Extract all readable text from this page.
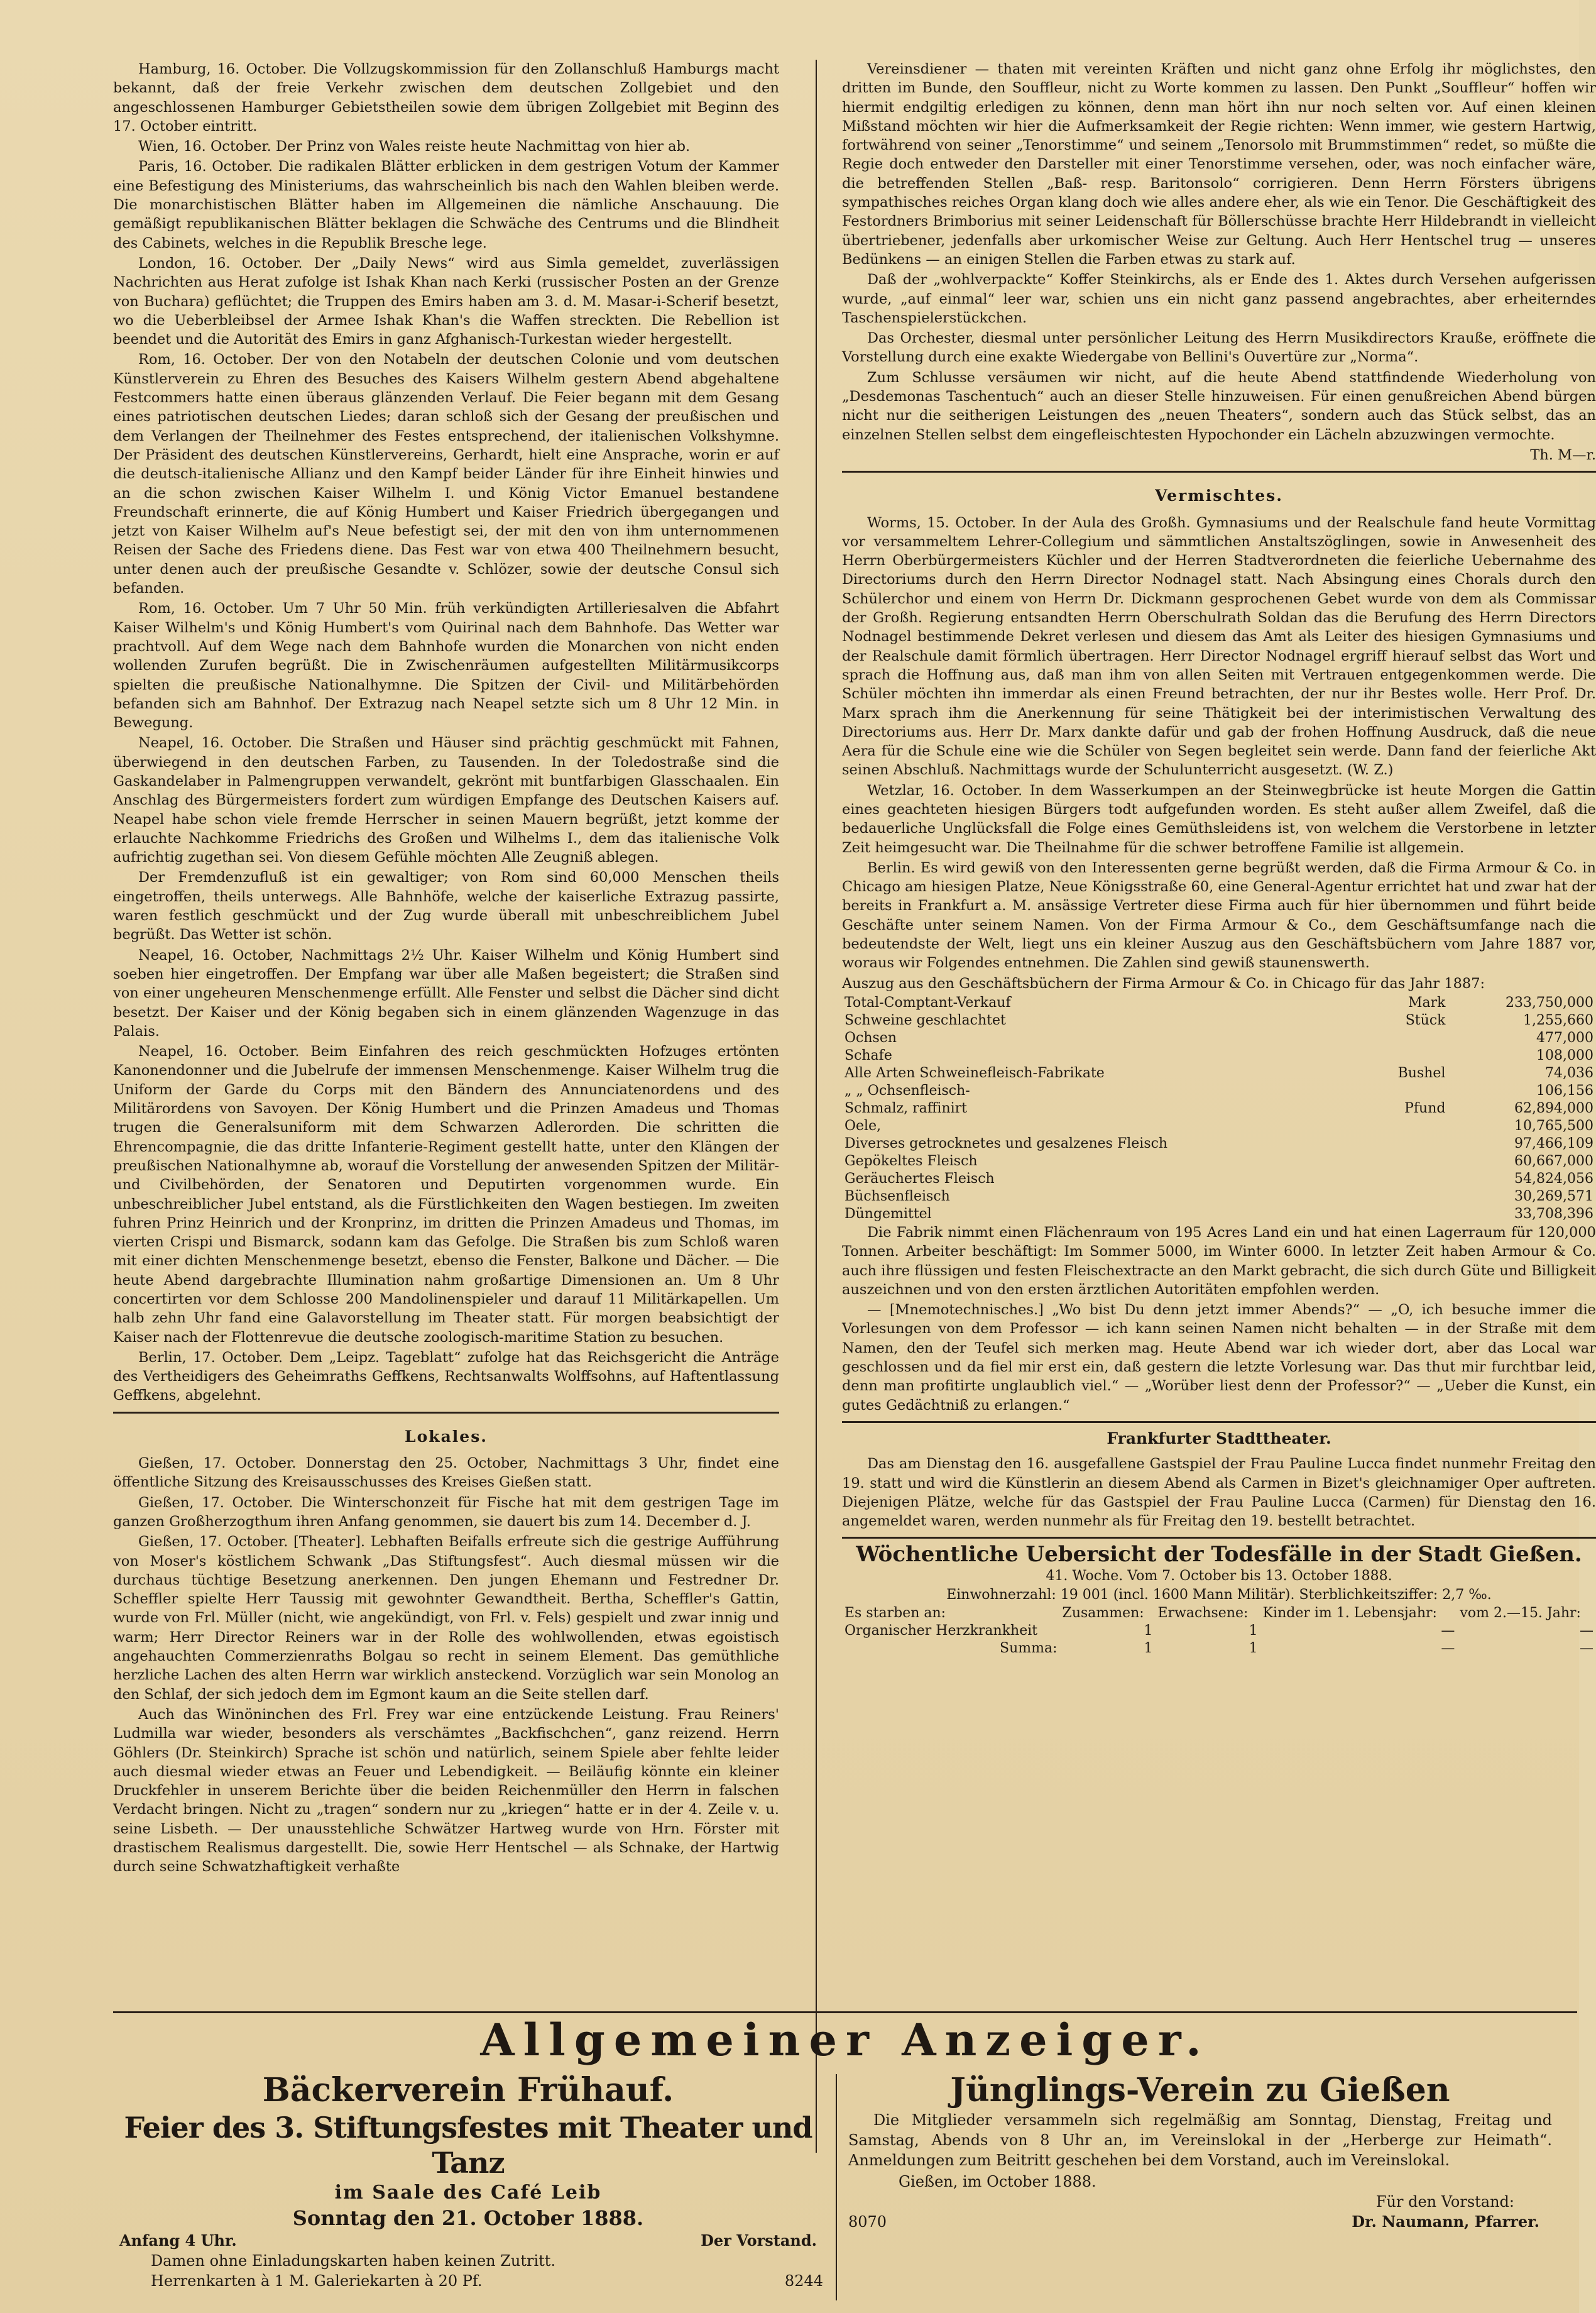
Hamburg, 16. October. Die Vollzugskommission für den Zollanschluß Hamburgs macht bekannt, daß der freie Verkehr zwischen dem deutschen Zollgebiet und den angeschlossenen Hamburger Gebietstheilen sowie dem übrigen Zollgebiet mit Beginn des 17. October eintritt.

Wien, 16. October. Der Prinz von Wales reiste heute Nachmittag von hier ab.

Paris, 16. October. Die radikalen Blätter erblicken in dem gestrigen Votum der Kammer eine Befestigung des Ministeriums, das wahrscheinlich bis nach den Wahlen bleiben werde. Die monarchistischen Blätter haben im Allgemeinen die nämliche Anschauung. Die gemäßigt republikanischen Blätter beklagen die Schwäche des Centrums und die Blindheit des Cabinets, welches in die Republik Bresche lege.

London, 16. October. Der „Daily News“ wird aus Simla gemeldet, zuverlässigen Nachrichten aus Herat zufolge ist Ishak Khan nach Kerki (russischer Posten an der Grenze von Buchara) geflüchtet; die Truppen des Emirs haben am 3. d. M. Masar-i-Scherif besetzt, wo die Ueberbleibsel der Armee Ishak Khan's die Waffen streckten. Die Rebellion ist beendet und die Autorität des Emirs in ganz Afghanisch-Turkestan wieder hergestellt.

Rom, 16. October. Der von den Notabeln der deutschen Colonie und vom deutschen Künstlerverein zu Ehren des Besuches des Kaisers Wilhelm gestern Abend abgehaltene Festcommers hatte einen überaus glänzenden Verlauf. Die Feier begann mit dem Gesang eines patriotischen deutschen Liedes; daran schloß sich der Gesang der preußischen und dem Verlangen der Theilnehmer des Festes entsprechend, der italienischen Volkshymne. Der Präsident des deutschen Künstlervereins, Gerhardt, hielt eine Ansprache, worin er auf die deutsch-italienische Allianz und den Kampf beider Länder für ihre Einheit hinwies und an die schon zwischen Kaiser Wilhelm I. und König Victor Emanuel bestandene Freundschaft erinnerte, die auf König Humbert und Kaiser Friedrich übergegangen und jetzt von Kaiser Wilhelm auf's Neue befestigt sei, der mit den von ihm unternommenen Reisen der Sache des Friedens diene. Das Fest war von etwa 400 Theilnehmern besucht, unter denen auch der preußische Gesandte v. Schlözer, sowie der deutsche Consul sich befanden.

Rom, 16. October. Um 7 Uhr 50 Min. früh verkündigten Artilleriesalven die Abfahrt Kaiser Wilhelm's und König Humbert's vom Quirinal nach dem Bahnhofe. Das Wetter war prachtvoll. Auf dem Wege nach dem Bahnhofe wurden die Monarchen von nicht enden wollenden Zurufen begrüßt. Die in Zwischenräumen aufgestellten Militärmusikcorps spielten die preußische Nationalhymne. Die Spitzen der Civil- und Militärbehörden befanden sich am Bahnhof. Der Extrazug nach Neapel setzte sich um 8 Uhr 12 Min. in Bewegung.

Neapel, 16. October. Die Straßen und Häuser sind prächtig geschmückt mit Fahnen, überwiegend in den deutschen Farben, zu Tausenden. In der Toledostraße sind die Gaskandelaber in Palmengruppen verwandelt, gekrönt mit buntfarbigen Glasschaalen. Ein Anschlag des Bürgermeisters fordert zum würdigen Empfange des Deutschen Kaisers auf. Neapel habe schon viele fremde Herrscher in seinen Mauern begrüßt, jetzt komme der erlauchte Nachkomme Friedrichs des Großen und Wilhelms I., dem das italienische Volk aufrichtig zugethan sei. Von diesem Gefühle möchten Alle Zeugniß ablegen.

Der Fremdenzufluß ist ein gewaltiger; von Rom sind 60,000 Menschen theils eingetroffen, theils unterwegs. Alle Bahnhöfe, welche der kaiserliche Extrazug passirte, waren festlich geschmückt und der Zug wurde überall mit unbeschreiblichem Jubel begrüßt. Das Wetter ist schön.

Neapel, 16. October, Nachmittags 2½ Uhr. Kaiser Wilhelm und König Humbert sind soeben hier eingetroffen. Der Empfang war über alle Maßen begeistert; die Straßen sind von einer ungeheuren Menschenmenge erfüllt. Alle Fenster und selbst die Dächer sind dicht besetzt. Der Kaiser und der König begaben sich in einem glänzenden Wagenzuge in das Palais.

Neapel, 16. October. Beim Einfahren des reich geschmückten Hofzuges ertönten Kanonendonner und die Jubelrufe der immensen Menschenmenge. Kaiser Wilhelm trug die Uniform der Garde du Corps mit den Bändern des Annunciatenordens und des Militärordens von Savoyen. Der König Humbert und die Prinzen Amadeus und Thomas trugen die Generalsuniform mit dem Schwarzen Adlerorden. Die schritten die Ehrencompagnie, die das dritte Infanterie-Regiment gestellt hatte, unter den Klängen der preußischen Nationalhymne ab, worauf die Vorstellung der anwesenden Spitzen der Militär- und Civilbehörden, der Senatoren und Deputirten vorgenommen wurde. Ein unbeschreiblicher Jubel entstand, als die Fürstlichkeiten den Wagen bestiegen. Im zweiten fuhren Prinz Heinrich und der Kronprinz, im dritten die Prinzen Amadeus und Thomas, im vierten Crispi und Bismarck, sodann kam das Gefolge. Die Straßen bis zum Schloß waren mit einer dichten Menschenmenge besetzt, ebenso die Fenster, Balkone und Dächer. — Die heute Abend dargebrachte Illumination nahm großartige Dimensionen an. Um 8 Uhr concertirten vor dem Schlosse 200 Mandolinenspieler und darauf 11 Militärkapellen. Um halb zehn Uhr fand eine Galavorstellung im Theater statt. Für morgen beabsichtigt der Kaiser nach der Flottenrevue die deutsche zoologisch-maritime Station zu besuchen.

Berlin, 17. October. Dem „Leipz. Tageblatt“ zufolge hat das Reichsgericht die Anträge des Vertheidigers des Geheimraths Geffkens, Rechtsanwalts Wolffsohns, auf Haftentlassung Geffkens, abgelehnt.

Lokales.

Gießen, 17. October. Donnerstag den 25. October, Nachmittags 3 Uhr, findet eine öffentliche Sitzung des Kreisausschusses des Kreises Gießen statt.

Gießen, 17. October. Die Winterschonzeit für Fische hat mit dem gestrigen Tage im ganzen Großherzogthum ihren Anfang genommen, sie dauert bis zum 14. December d. J.

Gießen, 17. October. [Theater]. Lebhaften Beifalls erfreute sich die gestrige Aufführung von Moser's köstlichem Schwank „Das Stiftungsfest“. Auch diesmal müssen wir die durchaus tüchtige Besetzung anerkennen. Den jungen Ehemann und Festredner Dr. Scheffler spielte Herr Taussig mit gewohnter Gewandtheit. Bertha, Scheffler's Gattin, wurde von Frl. Müller (nicht, wie angekündigt, von Frl. v. Fels) gespielt und zwar innig und warm; Herr Director Reiners war in der Rolle des wohlwollenden, etwas egoistisch angehauchten Commerzienraths Bolgau so recht in seinem Element. Das gemüthliche herzliche Lachen des alten Herrn war wirklich ansteckend. Vorzüglich war sein Monolog an den Schlaf, der sich jedoch dem im Egmont kaum an die Seite stellen darf.

Auch das Winöninchen des Frl. Frey war eine entzückende Leistung. Frau Reiners' Ludmilla war wieder, besonders als verschämtes „Backfischchen“, ganz reizend. Herrn Göhlers (Dr. Steinkirch) Sprache ist schön und natürlich, seinem Spiele aber fehlte leider auch diesmal wieder etwas an Feuer und Lebendigkeit. — Beiläufig könnte ein kleiner Druckfehler in unserem Berichte über die beiden Reichenmüller den Herrn in falschen Verdacht bringen. Nicht zu „tragen“ sondern nur zu „kriegen“ hatte er in der 4. Zeile v. u. seine Lisbeth. — Der unausstehliche Schwätzer Hartweg wurde von Hrn. Förster mit drastischem Realismus dargestellt. Die, sowie Herr Hentschel — als Schnake, der Hartwig durch seine Schwatzhaftigkeit verhaßte

Vereinsdiener — thaten mit vereinten Kräften und nicht ganz ohne Erfolg ihr möglichstes, den dritten im Bunde, den Souffleur, nicht zu Worte kommen zu lassen. Den Punkt „Souffleur“ hoffen wir hiermit endgiltig erledigen zu können, denn man hört ihn nur noch selten vor. Auf einen kleinen Mißstand möchten wir hier die Aufmerksamkeit der Regie richten: Wenn immer, wie gestern Hartwig, fortwährend von seiner „Tenorstimme“ und seinem „Tenorsolo mit Brummstimmen“ redet, so müßte die Regie doch entweder den Darsteller mit einer Tenorstimme versehen, oder, was noch einfacher wäre, die betreffenden Stellen „Baß- resp. Baritonsolo“ corrigieren. Denn Herrn Försters übrigens sympathisches reiches Organ klang doch wie alles andere eher, als wie ein Tenor. Die Geschäftigkeit des Festordners Brimborius mit seiner Leidenschaft für Böllerschüsse brachte Herr Hildebrandt in vielleicht übertriebener, jedenfalls aber urkomischer Weise zur Geltung. Auch Herr Hentschel trug — unseres Bedünkens — an einigen Stellen die Farben etwas zu stark auf.

Daß der „wohlverpackte“ Koffer Steinkirchs, als er Ende des 1. Aktes durch Versehen aufgerissen wurde, „auf einmal“ leer war, schien uns ein nicht ganz passend angebrachtes, aber erheiterndes Taschenspielerstückchen.

Das Orchester, diesmal unter persönlicher Leitung des Herrn Musikdirectors Krauße, eröffnete die Vorstellung durch eine exakte Wiedergabe von Bellini's Ouvertüre zur „Norma“.

Zum Schlusse versäumen wir nicht, auf die heute Abend stattfindende Wiederholung von „Desdemonas Taschentuch“ auch an dieser Stelle hinzuweisen. Für einen genußreichen Abend bürgen nicht nur die seitherigen Leistungen des „neuen Theaters“, sondern auch das Stück selbst, das an einzelnen Stellen selbst dem eingefleischtesten Hypochonder ein Lächeln abzuzwingen vermochte.

Th. M—r.
Vermischtes.

Worms, 15. October. In der Aula des Großh. Gymnasiums und der Realschule fand heute Vormittag vor versammeltem Lehrer-Collegium und sämmtlichen Anstaltszöglingen, sowie in Anwesenheit des Herrn Oberbürgermeisters Küchler und der Herren Stadtverordneten die feierliche Uebernahme des Directoriums durch den Herrn Director Nodnagel statt. Nach Absingung eines Chorals durch den Schülerchor und einem von Herrn Dr. Dickmann gesprochenen Gebet wurde von dem als Commissar der Großh. Regierung entsandten Herrn Oberschulrath Soldan das die Berufung des Herrn Directors Nodnagel bestimmende Dekret verlesen und diesem das Amt als Leiter des hiesigen Gymnasiums und der Realschule damit förmlich übertragen. Herr Director Nodnagel ergriff hierauf selbst das Wort und sprach die Hoffnung aus, daß man ihm von allen Seiten mit Vertrauen entgegenkommen werde. Die Schüler möchten ihn immerdar als einen Freund betrachten, der nur ihr Bestes wolle. Herr Prof. Dr. Marx sprach ihm die Anerkennung für seine Thätigkeit bei der interimistischen Verwaltung des Directoriums aus. Herr Dr. Marx dankte dafür und gab der frohen Hoffnung Ausdruck, daß die neue Aera für die Schule eine wie die Schüler von Segen begleitet sein werde. Dann fand der feierliche Akt seinen Abschluß. Nachmittags wurde der Schulunterricht ausgesetzt. (W. Z.)

Wetzlar, 16. October. In dem Wasserkumpen an der Steinwegbrücke ist heute Morgen die Gattin eines geachteten hiesigen Bürgers todt aufgefunden worden. Es steht außer allem Zweifel, daß die bedauerliche Unglücksfall die Folge eines Gemüthsleidens ist, von welchem die Verstorbene in letzter Zeit heimgesucht war. Die Theilnahme für die schwer betroffene Familie ist allgemein.

Berlin. Es wird gewiß von den Interessenten gerne begrüßt werden, daß die Firma Armour & Co. in Chicago am hiesigen Platze, Neue Königsstraße 60, eine General-Agentur errichtet hat und zwar hat der bereits in Frankfurt a. M. ansässige Vertreter diese Firma auch für hier übernommen und führt beide Geschäfte unter seinem Namen. Von der Firma Armour & Co., dem Geschäftsumfange nach die bedeutendste der Welt, liegt uns ein kleiner Auszug aus den Geschäftsbüchern vom Jahre 1887 vor, woraus wir Folgendes entnehmen. Die Zahlen sind gewiß staunenswerth.

Auszug aus den Geschäftsbüchern der Firma Armour & Co. in Chicago für das Jahr 1887:

Total-Comptant-Verkauf	Mark	233,750,000
Schweine geschlachtet	Stück	1,255,660
Ochsen		477,000
Schafe		108,000
Alle Arten Schweinefleisch-Fabrikate	Bushel	74,036
„ „ Ochsenfleisch-		106,156
Schmalz, raffinirt	Pfund	62,894,000
Oele,		10,765,500
Diverses getrocknetes und gesalzenes Fleisch		97,466,109
Gepökeltes Fleisch		60,667,000
Geräuchertes Fleisch		54,824,056
Büchsenfleisch		30,269,571
Düngemittel		33,708,396

Die Fabrik nimmt einen Flächenraum von 195 Acres Land ein und hat einen Lagerraum für 120,000 Tonnen. Arbeiter beschäftigt: Im Sommer 5000, im Winter 6000. In letzter Zeit haben Armour & Co. auch ihre flüssigen und festen Fleischextracte an den Markt gebracht, die sich durch Güte und Billigkeit auszeichnen und von den ersten ärztlichen Autoritäten empfohlen werden.

— [Mnemotechnisches.] „Wo bist Du denn jetzt immer Abends?“ — „O, ich besuche immer die Vorlesungen von dem Professor — ich kann seinen Namen nicht behalten — in der Straße mit dem Namen, den der Teufel sich merken mag. Heute Abend war ich wieder dort, aber das Local war geschlossen und da fiel mir erst ein, daß gestern die letzte Vorlesung war. Das thut mir furchtbar leid, denn man profitirte unglaublich viel.“ — „Worüber liest denn der Professor?“ — „Ueber die Kunst, ein gutes Gedächtniß zu erlangen.“

Frankfurter Stadttheater.

Das am Dienstag den 16. ausgefallene Gastspiel der Frau Pauline Lucca findet nunmehr Freitag den 19. statt und wird die Künstlerin an diesem Abend als Carmen in Bizet's gleichnamiger Oper auftreten. Diejenigen Plätze, welche für das Gastspiel der Frau Pauline Lucca (Carmen) für Dienstag den 16. angemeldet waren, werden nunmehr als für Freitag den 19. bestellt betrachtet.

Wöchentliche Uebersicht der Todesfälle in der Stadt Gießen.
41. Woche. Vom 7. October bis 13. October 1888.
Einwohnerzahl: 19 001 (incl. 1600 Mann Militär). Sterblichkeitsziffer: 2,7 ‰.
Es starben an:	Zusammen:	Erwachsene:	Kinder im 1. Lebensjahr:	vom 2.—15. Jahr:
Organischer Herzkrankheit	1	1	—	—
Summa:	1	1	—	—
Allgemeiner Anzeiger.
Bäckerverein Frühauf.
Feier des 3. Stiftungsfestes mit Theater und Tanz
im Saale des Café Leib
Sonntag den 21. October 1888.
Anfang 4 Uhr.	Der Vorstand.
Damen ohne Einladungskarten haben keinen Zutritt.
Herrenkarten à 1 M. Galeriekarten à 20 Pf.	8244
Jünglings-Verein zu Gießen

Die Mitglieder versammeln sich regelmäßig am Sonntag, Dienstag, Freitag und Samstag, Abends von 8 Uhr an, im Vereinslokal in der „Herberge zur Heimath“. Anmeldungen zum Beitritt geschehen bei dem Vorstand, auch im Vereinslokal.

Gießen, im October 1888.
Für den Vorstand:
8070	Dr. Naumann, Pfarrer.
